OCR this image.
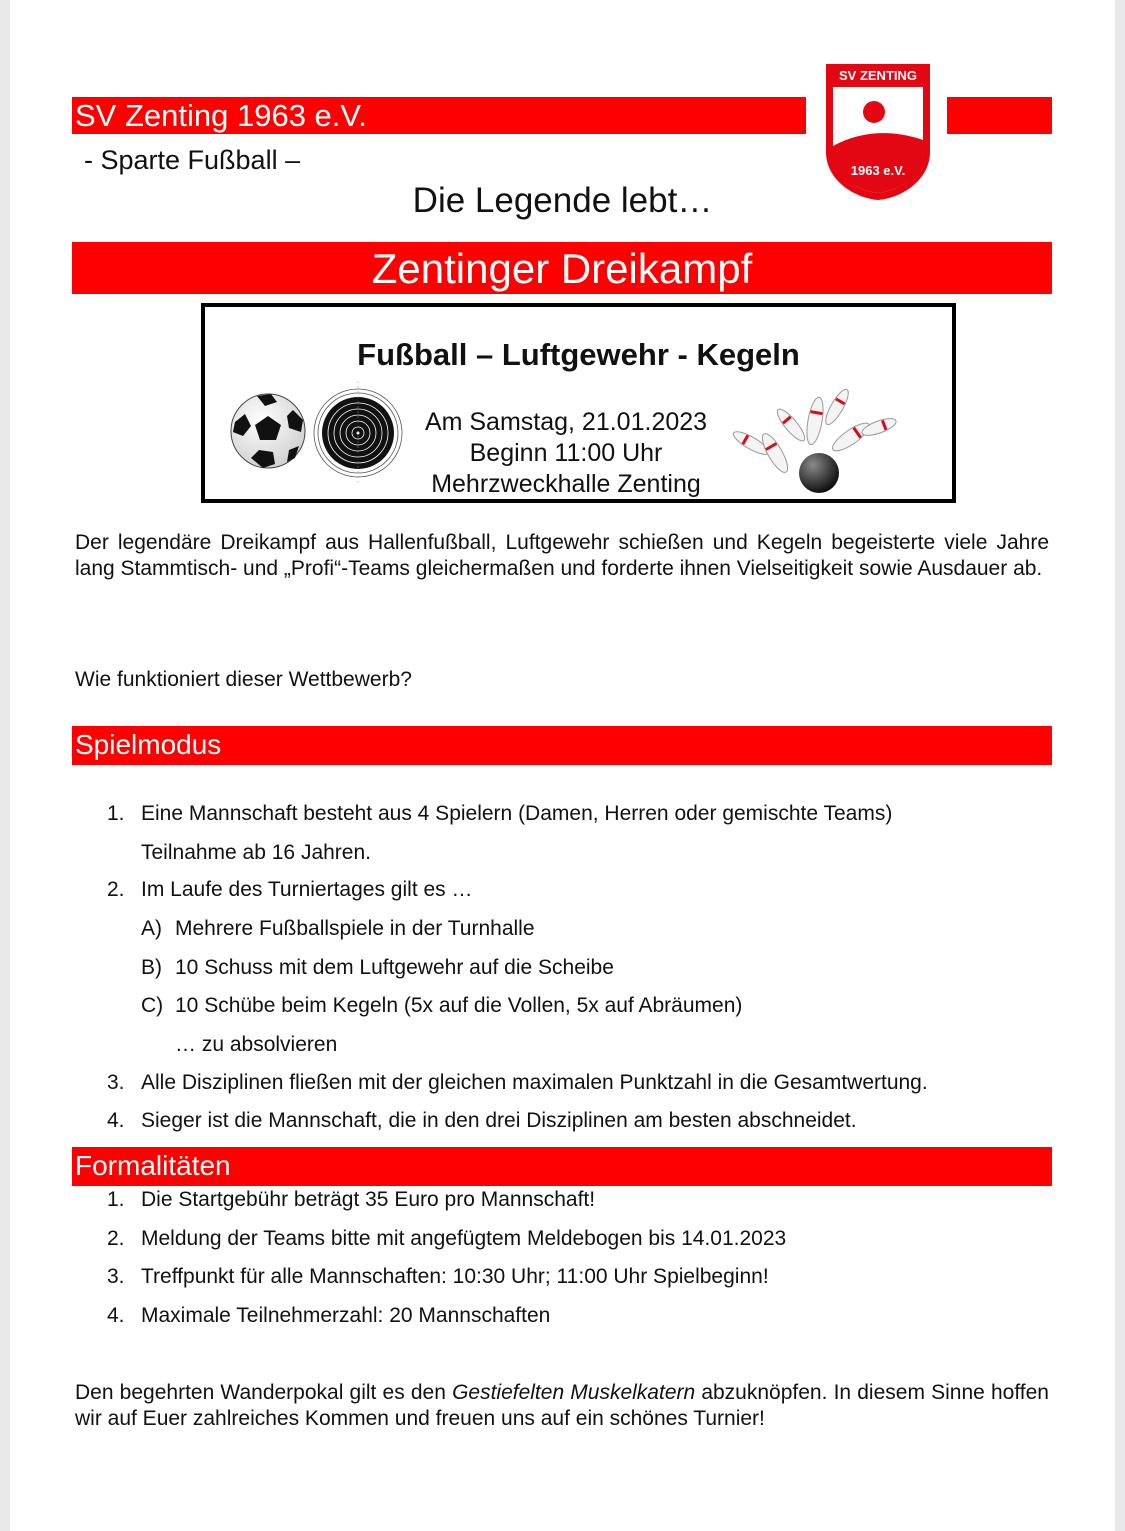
SV Zenting 1963 e.V.
- Sparte Fußball –
Die Legende lebt…
SV ZENTING
1963 e.V.
Zentinger Dreikampf
Fußball – Luftgewehr - Kegeln
Am Samstag, 21.01.2023
Beginn 11:00 Uhr
Mehrzweckhalle Zenting
Der legendäre Dreikampf aus Hallenfußball, Luftgewehr schießen und Kegeln begeisterte viele Jahre lang Stammtisch- und „Profi“-Teams gleichermaßen und forderte ihnen Vielseitigkeit sowie Ausdauer ab.
Wie funktioniert dieser Wettbewerb?
Spielmodus
1. Eine Mannschaft besteht aus 4 Spielern (Damen, Herren oder gemischte Teams)
Teilnahme ab 16 Jahren.
2. Im Laufe des Turniertages gilt es …
A) Mehrere Fußballspiele in der Turnhalle
B) 10 Schuss mit dem Luftgewehr auf die Scheibe
C) 10 Schübe beim Kegeln (5x auf die Vollen, 5x auf Abräumen)
… zu absolvieren
3. Alle Disziplinen fließen mit der gleichen maximalen Punktzahl in die Gesamtwertung.
4. Sieger ist die Mannschaft, die in den drei Disziplinen am besten abschneidet.
Formalitäten
1. Die Startgebühr beträgt 35 Euro pro Mannschaft!
2. Meldung der Teams bitte mit angefügtem Meldebogen bis 14.01.2023
3. Treffpunkt für alle Mannschaften: 10:30 Uhr; 11:00 Uhr Spielbeginn!
4. Maximale Teilnehmerzahl: 20 Mannschaften
Den begehrten Wanderpokal gilt es den Gestiefelten Muskelkatern abzuknöpfen. In diesem Sinne hoffen wir auf Euer zahlreiches Kommen und freuen uns auf ein schönes Turnier!
